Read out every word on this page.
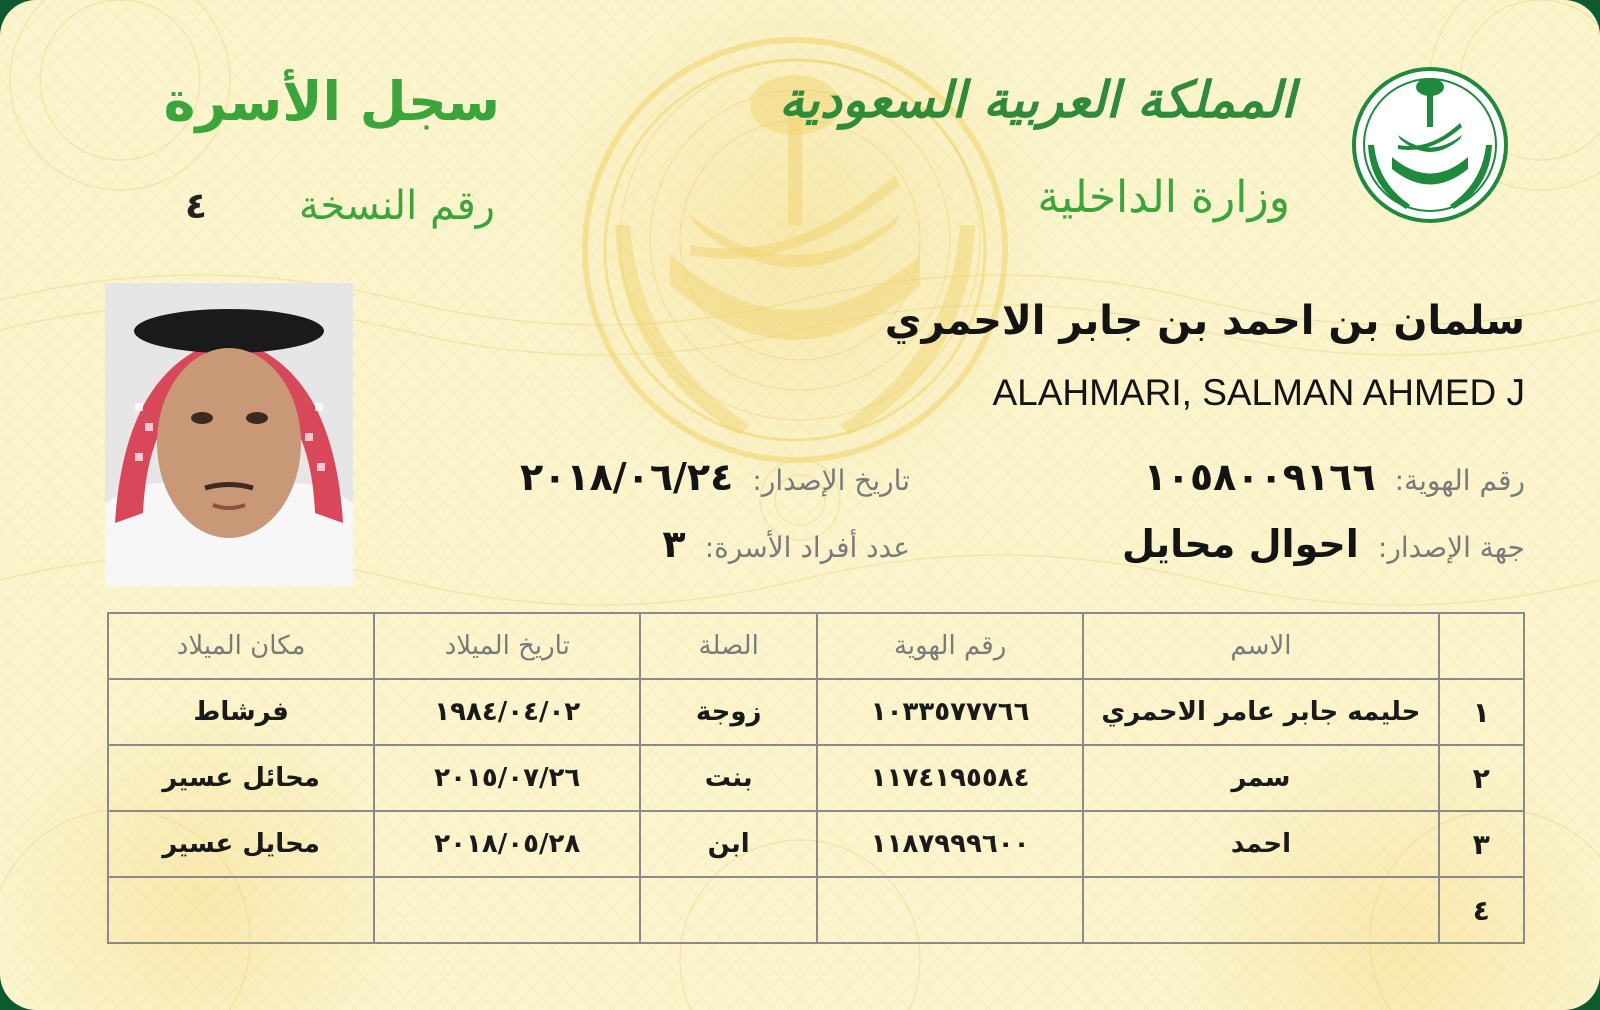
سجل الأسرة
رقم النسخة
٤
المملكة العربية السعودية
وزارة الداخلية
سلمان بن احمد بن جابر الاحمري
ALAHMARI, SALMAN AHMED J
رقم الهوية: ١٠٥٨٠٠٩١٦٦
تاريخ الإصدار: ٢٠١٨/٠٦/٢٤
جهة الإصدار: احوال محايل
عدد أفراد الأسرة: ٣
	الاسم	رقم الهوية	الصلة	تاريخ الميلاد	مكان الميلاد
١	حليمه جابر عامر الاحمري	١٠٣٣٥٧٧٧٦٦	زوجة	١٩٨٤/٠٤/٠٢	فرشاط
٢	سمر	١١٧٤١٩٥٥٨٤	بنت	٢٠١٥/٠٧/٢٦	محائل عسير
٣	احمد	١١٨٧٩٩٩٦٠٠	ابن	٢٠١٨/٠٥/٢٨	محايل عسير
٤					
